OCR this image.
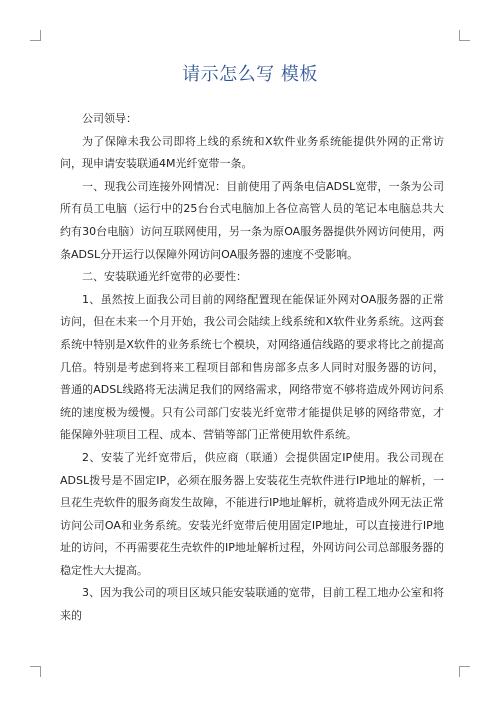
请示怎么写 模板

公司领导：

为了保障未我公司即将上线的系统和X软件业务系统能提供外网的正常访问，现申请安装联通4M光纤宽带一条。

一、现我公司连接外网情况：目前使用了两条电信ADSL宽带，一条为公司所有员工电脑（运行中的25台台式电脑加上各位高管人员的笔记本电脑总共大约有30台电脑）访问互联网使用，另一条为原OA服务器提供外网访问使用，两条ADSL分开运行以保障外网访问OA服务器的速度不受影响。

二、安装联通光纤宽带的必要性：

1、虽然按上面我公司目前的网络配置现在能保证外网对OA服务器的正常访问，但在未来一个月开始，我公司会陆续上线系统和X软件业务系统。这两套系统中特别是X软件的业务系统七个模块，对网络通信线路的要求将比之前提高几倍。特别是考虑到将来工程项目部和售房部多点多人同时对服务器的访问，普通的ADSL线路将无法满足我们的网络需求，网络带宽不够将造成外网访问系统的速度极为缓慢。只有公司部门安装光纤宽带才能提供足够的网络带宽，才能保障外驻项目工程、成本、营销等部门正常使用软件系统。

2、安装了光纤宽带后，供应商（联通）会提供固定IP使用。我公司现在ADSL拨号是不固定IP，必须在服务器上安装花生壳软件进行IP地址的解析，一旦花生壳软件的服务商发生故障，不能进行IP地址解析，就将造成外网无法正常访问公司OA和业务系统。安装光纤宽带后使用固定IP地址，可以直接进行IP地址的访问，不再需要花生壳软件的IP地址解析过程，外网访问公司总部服务器的稳定性大大提高。

3、因为我公司的项目区域只能安装联通的宽带，目前工程工地办公室和将来的
